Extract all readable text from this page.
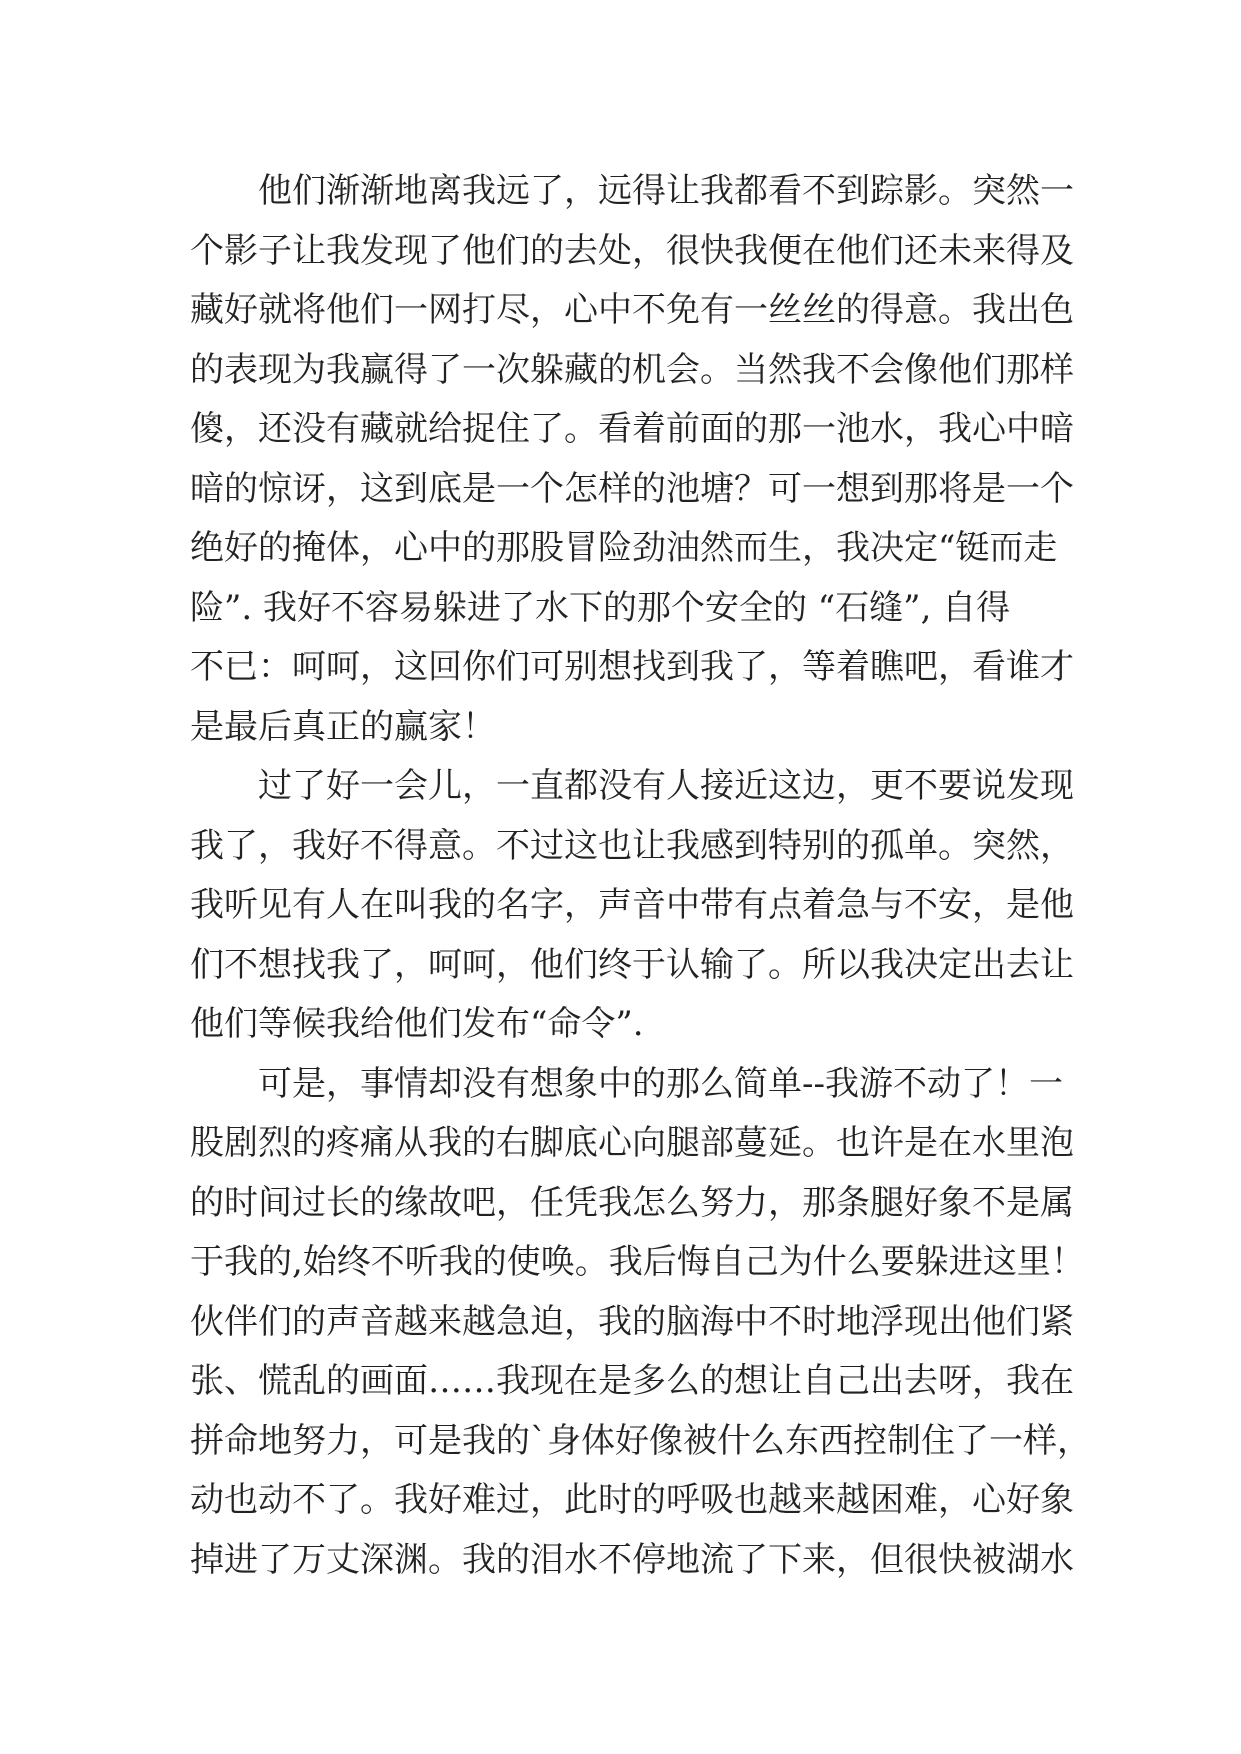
他们渐渐地离我远了，远得让我都看不到踪影。突然一
个影子让我发现了他们的去处，很快我便在他们还未来得及
藏好就将他们一网打尽，心中不免有一丝丝的得意。我出色
的表现为我赢得了一次躲藏的机会。当然我不会像他们那样
傻，还没有藏就给捉住了。看着前面的那一池水，我心中暗
暗的惊讶，这到底是一个怎样的池塘？可一想到那将是一个
绝好的掩体，心中的那股冒险劲油然而生，我决定“铤而走
险”. 我好不容易躲进了水下的那个安全的 “石缝”, 自得
不已：呵呵，这回你们可别想找到我了，等着瞧吧，看谁才
是最后真正的赢家！
过了好一会儿，一直都没有人接近这边，更不要说发现
我了，我好不得意。不过这也让我感到特别的孤单。突然，
我听见有人在叫我的名字，声音中带有点着急与不安，是他
们不想找我了，呵呵，他们终于认输了。所以我决定出去让
他们等候我给他们发布“命令”.
可是，事情却没有想象中的那么简单--我游不动了！一
股剧烈的疼痛从我的右脚底心向腿部蔓延。也许是在水里泡
的时间过长的缘故吧，任凭我怎么努力，那条腿好象不是属
于我的,始终不听我的使唤。我后悔自己为什么要躲进这里！
伙伴们的声音越来越急迫，我的脑海中不时地浮现出他们紧
张、慌乱的画面……我现在是多么的想让自己出去呀，我在
拼命地努力，可是我的`身体好像被什么东西控制住了一样，
动也动不了。我好难过，此时的呼吸也越来越困难，心好象
掉进了万丈深渊。我的泪水不停地流了下来，但很快被湖水
